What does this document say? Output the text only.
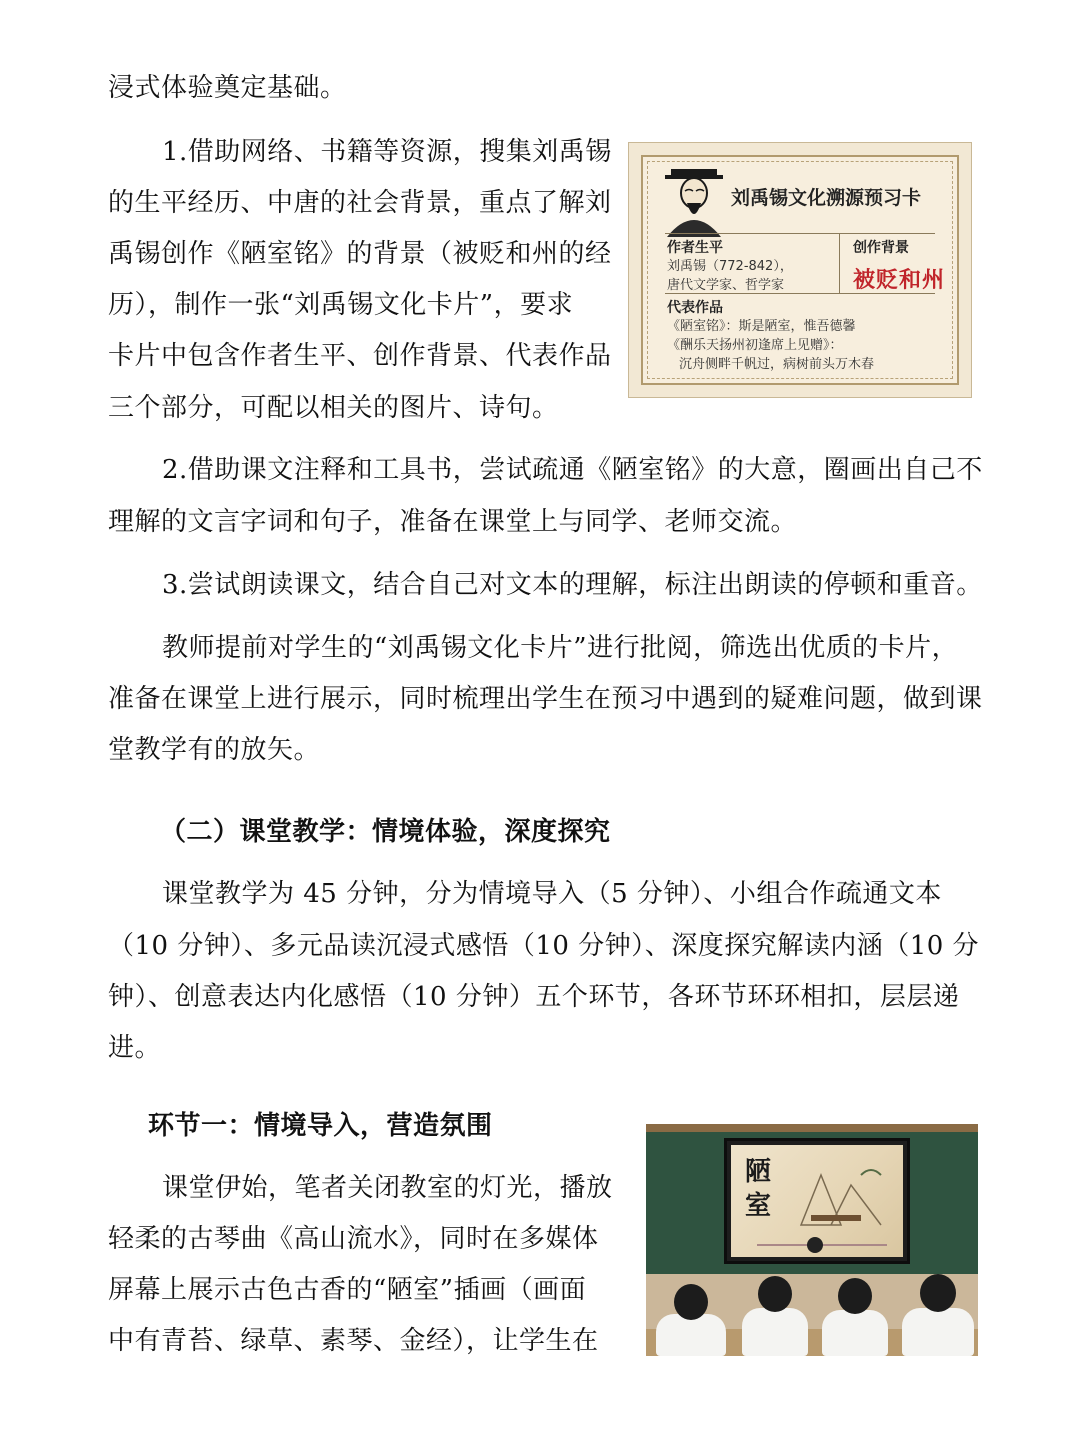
浸式体验奠定基础。
1.借助网络、书籍等资源，搜集刘禹锡
的生平经历、中唐的社会背景，重点了解刘
禹锡创作《陋室铭》的背景（被贬和州的经
历），制作一张“刘禹锡文化卡片”，要求
卡片中包含作者生平、创作背景、代表作品
三个部分，可配以相关的图片、诗句。
刘禹锡文化溯源预习卡
作者生平
刘禹锡（772-842），
唐代文学家、哲学家
创作背景
被贬和州
代表作品
《陋室铭》：斯是陋室，惟吾德馨
《酬乐天扬州初逢席上见赠》：
沉舟侧畔千帆过，病树前头万木春
2.借助课文注释和工具书，尝试疏通《陋室铭》的大意，圈画出自己不
理解的文言字词和句子，准备在课堂上与同学、老师交流。
3.尝试朗读课文，结合自己对文本的理解，标注出朗读的停顿和重音。
教师提前对学生的“刘禹锡文化卡片”进行批阅，筛选出优质的卡片，
准备在课堂上进行展示，同时梳理出学生在预习中遇到的疑难问题，做到课
堂教学有的放矢。
（二）课堂教学：情境体验，深度探究
课堂教学为 45 分钟，分为情境导入（5 分钟）、小组合作疏通文本
（10 分钟）、多元品读沉浸式感悟（10 分钟）、深度探究解读内涵（10 分
钟）、创意表达内化感悟（10 分钟）五个环节，各环节环环相扣，层层递
进。
环节一：情境导入，营造氛围
课堂伊始，笔者关闭教室的灯光，播放
轻柔的古琴曲《高山流水》，同时在多媒体
屏幕上展示古色古香的“陋室”插画（画面
中有青苔、绿草、素琴、金经），让学生在
陋
室
